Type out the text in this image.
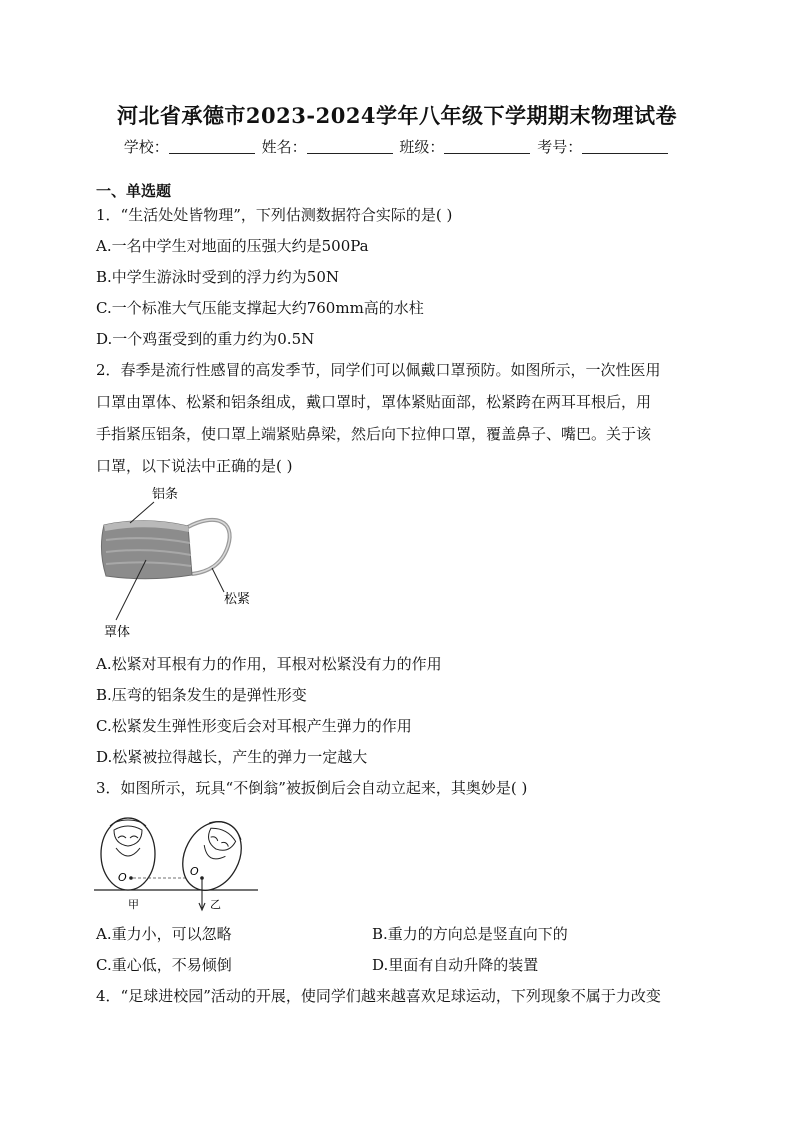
河北省承德市2023-2024学年八年级下学期期末物理试卷
学校：	姓名：	班级：	考号：
一、单选题
1．“生活处处皆物理”，下列估测数据符合实际的是( )
A.一名中学生对地面的压强大约是500Pa
B.中学生游泳时受到的浮力约为50N
C.一个标准大气压能支撑起大约760mm高的水柱
D.一个鸡蛋受到的重力约为0.5N
2．春季是流行性感冒的高发季节，同学们可以佩戴口罩预防。如图所示，一次性医用
口罩由罩体、松紧和铝条组成，戴口罩时，罩体紧贴面部，松紧跨在两耳耳根后，用
手指紧压铝条，使口罩上端紧贴鼻梁，然后向下拉伸口罩，覆盖鼻子、嘴巴。关于该
口罩，以下说法中正确的是( )
铝条
松紧
罩体
A.松紧对耳根有力的作用，耳根对松紧没有力的作用
B.压弯的铝条发生的是弹性形变
C.松紧发生弹性形变后会对耳根产生弹力的作用
D.松紧被拉得越长，产生的弹力一定越大
3．如图所示，玩具“不倒翁”被扳倒后会自动立起来，其奥妙是( )
O	O
甲	乙
A.重力小，可以忽略	B.重力的方向总是竖直向下的
C.重心低，不易倾倒	D.里面有自动升降的装置
4．“足球进校园”活动的开展，使同学们越来越喜欢足球运动，下列现象不属于力改变
